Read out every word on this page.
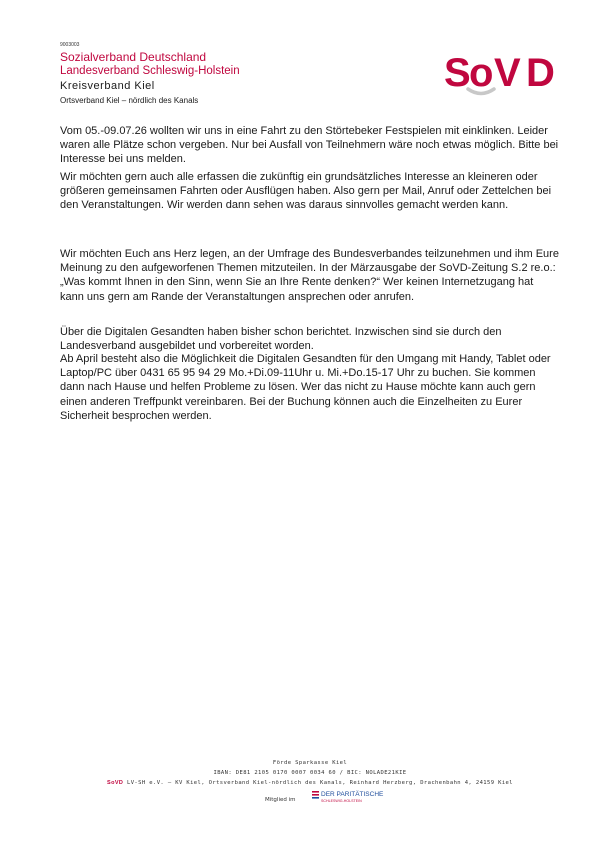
9003003
Sozialverband Deutschland
Landesverband Schleswig-Holstein
Kreisverband Kiel
Ortsverband Kiel – nördlich des Kanals
S o V D
Vom 05.-09.07.26 wollten wir uns in eine Fahrt zu den Störtebeker Festspielen mit einklinken. Leider waren alle Plätze schon vergeben. Nur bei Ausfall von Teilnehmern wäre noch etwas möglich. Bitte bei Interesse bei uns melden.
Wir möchten gern auch alle erfassen die zukünftig ein grundsätzliches Interesse an kleineren oder größeren gemeinsamen Fahrten oder Ausflügen haben. Also gern per Mail, Anruf oder Zettelchen bei den Veranstaltungen. Wir werden dann sehen was daraus sinnvolles gemacht werden kann.
Wir möchten Euch ans Herz legen, an der Umfrage des Bundesverbandes teilzunehmen und ihm Eure Meinung zu den aufgeworfenen Themen mitzuteilen. In der Märzausgabe der SoVD-Zeitung S.2 re.o.: „Was kommt Ihnen in den Sinn, wenn Sie an Ihre Rente denken?“ Wer keinen Internetzugang hat kann uns gern am Rande der Veranstaltungen ansprechen oder anrufen.
Über die Digitalen Gesandten haben bisher schon berichtet. Inzwischen sind sie durch den Landesverband ausgebildet und vorbereitet worden.
Ab April besteht also die Möglichkeit die Digitalen Gesandten für den Umgang mit Handy, Tablet oder Laptop/PC über 0431 65 95 94 29 Mo.+Di.09-11Uhr u. Mi.+Do.15-17 Uhr zu buchen. Sie kommen dann nach Hause und helfen Probleme zu lösen. Wer das nicht zu Hause möchte kann auch gern einen anderen Treffpunkt vereinbaren. Bei der Buchung können auch die Einzelheiten zu Eurer Sicherheit besprochen werden.
Förde Sparkasse Kiel
IBAN: DE81 2105 0170 0007 0034 60 / BIC: NOLADE21KIE
SoVD LV-SH e.V. – KV Kiel, Ortsverband Kiel-nördlich des Kanals, Reinhard Herzberg, Drachenbahn 4, 24159 Kiel
Mitglied im
DER PARITÄTISCHE
SCHLESWIG-HOLSTEIN
